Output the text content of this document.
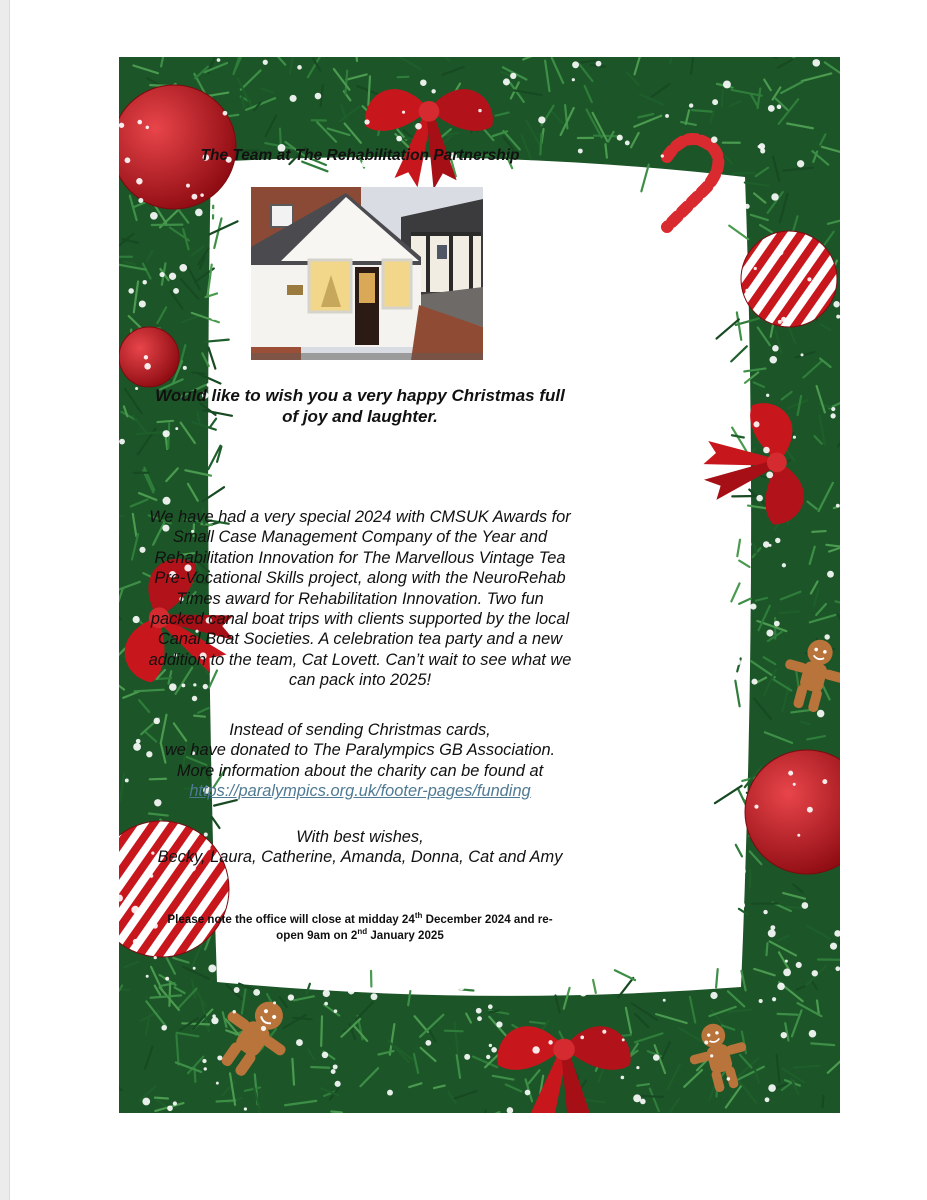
The Team at The Rehabilitation Partnership
Would like to wish you a very happy Christmas full
of joy and laughter.
We have had a very special 2024 with CMSUK Awards for
Small Case Management Company of the Year and
Rehabilitation Innovation for The Marvellous Vintage Tea
Pre-Vocational Skills project, along with the NeuroRehab
Times award for Rehabilitation Innovation. Two fun
packed canal boat trips with clients supported by the local
Canal Boat Societies. A celebration tea party and a new
addition to the team, Cat Lovett. Can’t wait to see what we
can pack into 2025!
Instead of sending Christmas cards,
we have donated to The Paralympics GB Association.
More information about the charity can be found at
https://paralympics.org.uk/footer-pages/funding
With best wishes,
Becky, Laura, Catherine, Amanda, Donna, Cat and Amy
Please note the office will close at midday 24th December 2024 and re-
open 9am on 2nd January 2025
